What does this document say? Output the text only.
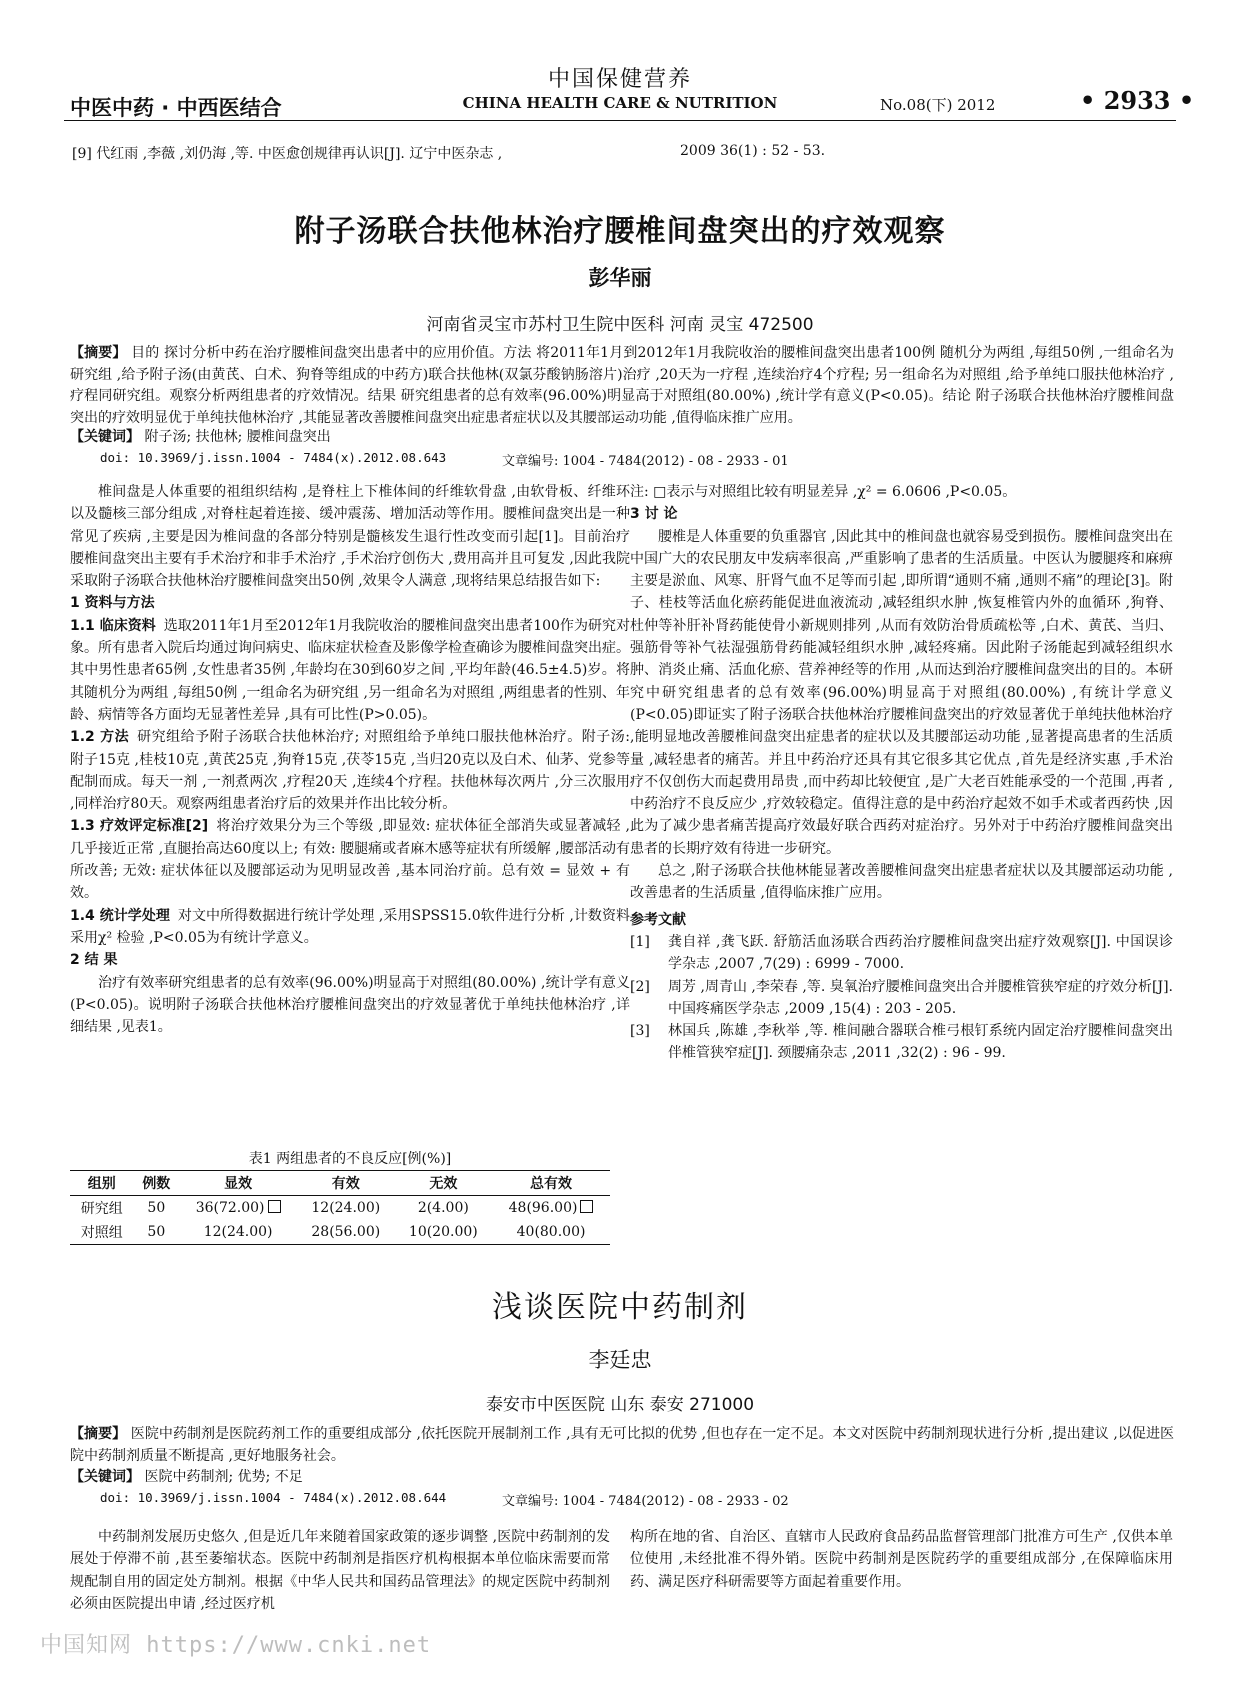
中医中药 · 中西医结合
中国保健营养
CHINA HEALTH CARE & NUTRITION	No.08(下) 2012	• 2933 •
[9] 代红雨 ,李薇 ,刘仍海 ,等. 中医愈创规律再认识[J]. 辽宁中医杂志 ,	2009 36(1) : 52 - 53.
附子汤联合扶他林治疗腰椎间盘突出的疗效观察
彭华丽
河南省灵宝市苏村卫生院中医科 河南 灵宝 472500
【摘要】 目的 探讨分析中药在治疗腰椎间盘突出患者中的应用价值。方法 将2011年1月到2012年1月我院收治的腰椎间盘突出患者100例 随机分为两组 ,每组50例 ,一组命名为研究组 ,给予附子汤(由黄芪、白术、狗脊等组成的中药方)联合扶他林(双氯芬酸钠肠溶片)治疗 ,20天为一疗程 ,连续治疗4个疗程; 另一组命名为对照组 ,给予单纯口服扶他林治疗 ,疗程同研究组。观察分析两组患者的疗效情况。结果 研究组患者的总有效率(96.00%)明显高于对照组(80.00%) ,统计学有意义(P<0.05)。结论 附子汤联合扶他林治疗腰椎间盘突出的疗效明显优于单纯扶他林治疗 ,其能显著改善腰椎间盘突出症患者症状以及其腰部运动功能 ,值得临床推广应用。
【关键词】 附子汤; 扶他林; 腰椎间盘突出
doi: 10.3969/j.issn.1004 - 7484(x).2012.08.643	文章编号: 1004 - 7484(2012) - 08 - 2933 - 01

椎间盘是人体重要的祖组织结构 ,是脊柱上下椎体间的纤维软骨盘 ,由软骨板、纤维环以及髓核三部分组成 ,对脊柱起着连接、缓冲震荡、增加活动等作用。腰椎间盘突出是一种常见了疾病 ,主要是因为椎间盘的各部分特别是髓核发生退行性改变而引起[1]。目前治疗腰椎间盘突出主要有手术治疗和非手术治疗 ,手术治疗创伤大 ,费用高并且可复发 ,因此我院采取附子汤联合扶他林治疗腰椎间盘突出50例 ,效果令人满意 ,现将结果总结报告如下:

1 资料与方法

1.1 临床资料 选取2011年1月至2012年1月我院收治的腰椎间盘突出患者100作为研究对象。所有患者入院后均通过询问病史、临床症状检查及影像学检查确诊为腰椎间盘突出症。其中男性患者65例 ,女性患者35例 ,年龄均在30到60岁之间 ,平均年龄(46.5±4.5)岁。将其随机分为两组 ,每组50例 ,一组命名为研究组 ,另一组命名为对照组 ,两组患者的性别、年龄、病情等各方面均无显著性差异 ,具有可比性(P>0.05)。

1.2 方法 研究组给予附子汤联合扶他林治疗; 对照组给予单纯口服扶他林治疗。附子汤: 附子15克 ,桂枝10克 ,黄芪25克 ,狗脊15克 ,茯苓15克 ,当归20克以及白术、仙茅、党参等配制而成。每天一剂 ,一剂煮两次 ,疗程20天 ,连续4个疗程。扶他林每次两片 ,分三次服用 ,同样治疗80天。观察两组患者治疗后的效果并作出比较分析。

1.3 疗效评定标准[2] 将治疗效果分为三个等级 ,即显效: 症状体征全部消失或显著减轻 ,几乎接近正常 ,直腿抬高达60度以上; 有效: 腰腿痛或者麻木感等症状有所缓解 ,腰部活动有所改善; 无效: 症状体征以及腰部运动为见明显改善 ,基本同治疗前。总有效 = 显效 + 有效。

1.4 统计学处理 对文中所得数据进行统计学处理 ,采用SPSS15.0软件进行分析 ,计数资料采用χ² 检验 ,P<0.05为有统计学意义。

2 结 果

治疗有效率研究组患者的总有效率(96.00%)明显高于对照组(80.00%) ,统计学有意义(P<0.05)。说明附子汤联合扶他林治疗腰椎间盘突出的疗效显著优于单纯扶他林治疗 ,详细结果 ,见表1。

注: □表示与对照组比较有明显差异 ,χ² = 6.0606 ,P<0.05。

3 讨 论

腰椎是人体重要的负重器官 ,因此其中的椎间盘也就容易受到损伤。腰椎间盘突出在中国广大的农民朋友中发病率很高 ,严重影响了患者的生活质量。中医认为腰腿疼和麻痹主要是淤血、风寒、肝肾气血不足等而引起 ,即所谓“通则不痛 ,通则不痛”的理论[3]。附子、桂枝等活血化瘀药能促进血液流动 ,减轻组织水肿 ,恢复椎管内外的血循环 ,狗脊、杜仲等补肝补肾药能使骨小新规则排列 ,从而有效防治骨质疏松等 ,白术、黄芪、当归、强筋骨等补气祛湿强筋骨药能减轻组织水肿 ,减轻疼痛。因此附子汤能起到减轻组织水肿、消炎止痛、活血化瘀、营养神经等的作用 ,从而达到治疗腰椎间盘突出的目的。本研究中研究组患者的总有效率(96.00%)明显高于对照组(80.00%) ,有统计学意义(P<0.05)即证实了附子汤联合扶他林治疗腰椎间盘突出的疗效显著优于单纯扶他林治疗 ,能明显地改善腰椎间盘突出症患者的症状以及其腰部运动功能 ,显著提高患者的生活质量 ,减轻患者的痛苦。并且中药治疗还具有其它很多其它优点 ,首先是经济实惠 ,手术治疗不仅创伤大而起费用昂贵 ,而中药却比较便宜 ,是广大老百姓能承受的一个范围 ,再者 ,中药治疗不良反应少 ,疗效较稳定。值得注意的是中药治疗起效不如手术或者西药快 ,因此为了减少患者痛苦提高疗效最好联合西药对症治疗。另外对于中药治疗腰椎间盘突出患者的长期疗效有待进一步研究。

总之 ,附子汤联合扶他林能显著改善腰椎间盘突出症患者症状以及其腰部运动功能 ,改善患者的生活质量 ,值得临床推广应用。

参考文献

[1] 龚自祥 ,龚飞跃. 舒筋活血汤联合西药治疗腰椎间盘突出症疗效观察[J]. 中国误诊学杂志 ,2007 ,7(29) : 6999 - 7000.

[2] 周芳 ,周青山 ,李荣春 ,等. 臭氧治疗腰椎间盘突出合并腰椎管狭窄症的疗效分析[J]. 中国疼痛医学杂志 ,2009 ,15(4) : 203 - 205.

[3] 林国兵 ,陈雄 ,李秋举 ,等. 椎间融合器联合椎弓根钉系统内固定治疗腰椎间盘突出伴椎管狭窄症[J]. 颈腰痛杂志 ,2011 ,32(2) : 96 - 99.

表1 两组患者的不良反应[例(%)]
组别	例数	显效	有效	无效	总有效
研究组	50	36(72.00)	12(24.00)	2(4.00)	48(96.00)
对照组	50	12(24.00)	28(56.00)	10(20.00)	40(80.00)
浅谈医院中药制剂
李廷忠
泰安市中医医院 山东 泰安 271000
【摘要】 医院中药制剂是医院药剂工作的重要组成部分 ,依托医院开展制剂工作 ,具有无可比拟的优势 ,但也存在一定不足。本文对医院中药制剂现状进行分析 ,提出建议 ,以促进医院中药制剂质量不断提高 ,更好地服务社会。
【关键词】 医院中药制剂; 优势; 不足
doi: 10.3969/j.issn.1004 - 7484(x).2012.08.644	文章编号: 1004 - 7484(2012) - 08 - 2933 - 02

中药制剂发展历史悠久 ,但是近几年来随着国家政策的逐步调整 ,医院中药制剂的发展处于停滞不前 ,甚至萎缩状态。医院中药制剂是指医疗机构根据本单位临床需要而常规配制自用的固定处方制剂。根据《中华人民共和国药品管理法》的规定医院中药制剂必须由医院提出申请 ,经过医疗机

构所在地的省、自治区、直辖市人民政府食品药品监督管理部门批准方可生产 ,仅供本单位使用 ,未经批准不得外销。医院中药制剂是医院药学的重要组成部分 ,在保障临床用药、满足医疗科研需要等方面起着重要作用。

中国知网 https://www.cnki.net
